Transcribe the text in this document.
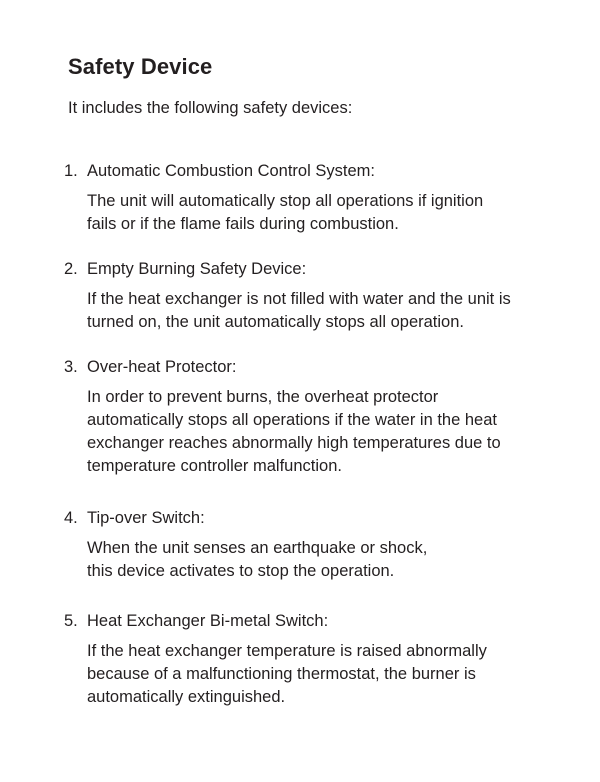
Safety Device

It includes the following safety devices:

1. Automatic Combustion Control System:

The unit will automatically stop all operations if ignition
fails or if the flame fails during combustion.

2. Empty Burning Safety Device:

If the heat exchanger is not filled with water and the unit is
turned on, the unit automatically stops all operation.

3. Over-heat Protector:

In order to prevent burns, the overheat protector
automatically stops all operations if the water in the heat
exchanger reaches abnormally high temperatures due to
temperature controller malfunction.

4. Tip-over Switch:

When the unit senses an earthquake or shock,
this device activates to stop the operation.

5. Heat Exchanger Bi-metal Switch:

If the heat exchanger temperature is raised abnormally
because of a malfunctioning thermostat, the burner is
automatically extinguished.
